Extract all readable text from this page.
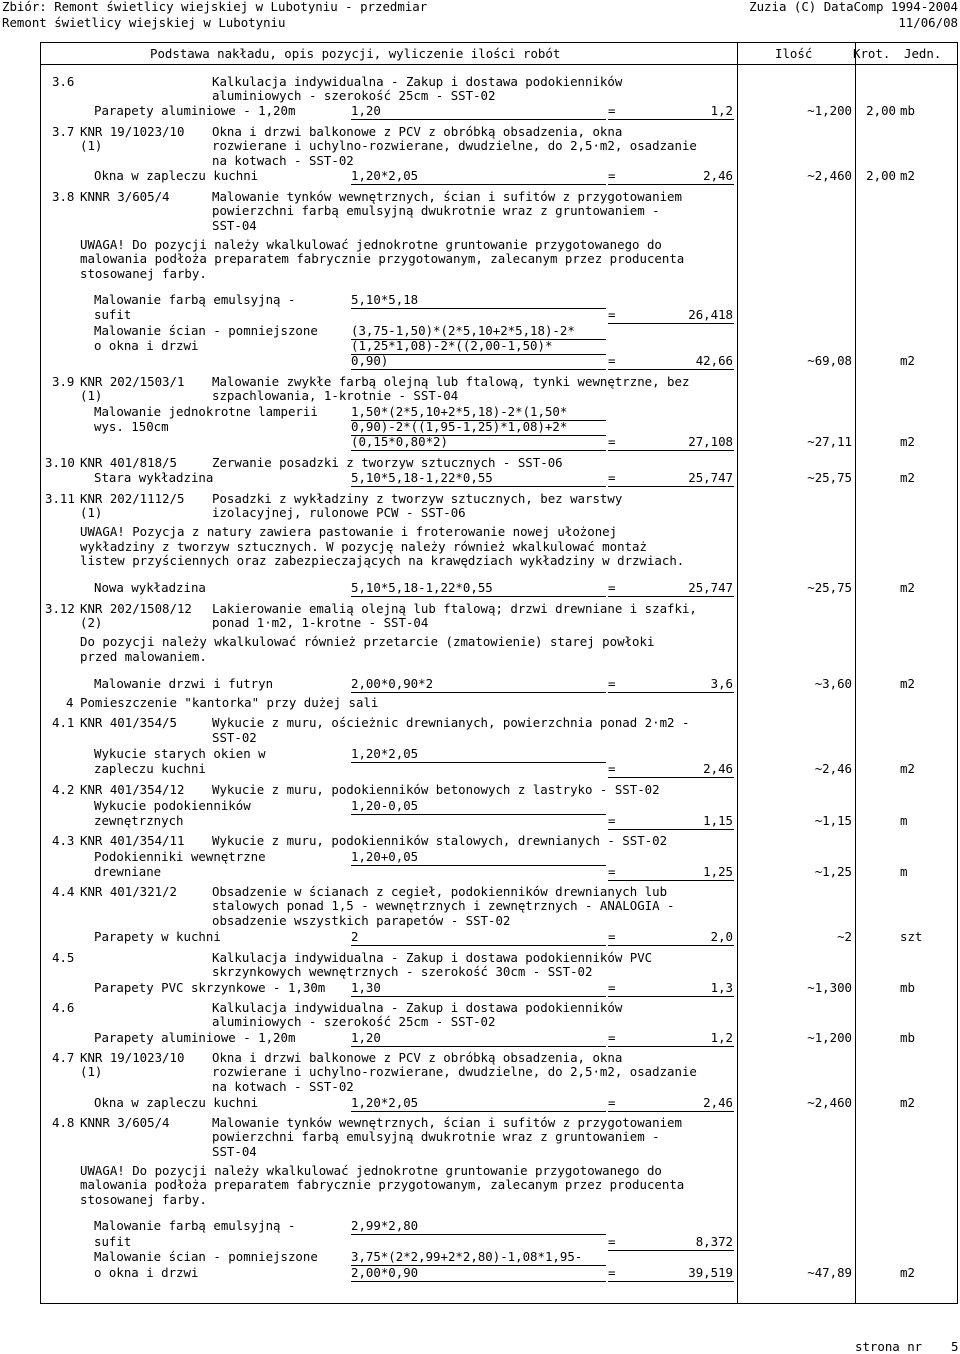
Zbiór: Remont świetlicy wiejskiej w Lubotyniu - przedmiar
Remont świetlicy wiejskiej w Lubotyniu
Zuzia (C) DataComp 1994-2004
11/06/08
Podstawa nakładu, opis pozycji, wyliczenie ilości robót	Ilość	Krot. Jedn.
3.6	Kalkulacja indywidualna - Zakup i dostawa podokienników
aluminiowych - szerokość 25cm - SST-02
Parapety aluminiowe - 1,20m	1,20	=	1,2	~1,200 2,00 mb
3.7 KNR 19/1023/10 Okna i drzwi balkonowe z PCV z obróbką obsadzenia, okna
(1)	rozwierane i uchylno-rozwierane, dwudzielne, do 2,5·m2, osadzanie
na kotwach - SST-02
Okna w zapleczu kuchni	1,20*2,05	=	2,46	~2,460 2,00 m2
3.8 KNNR 3/605/4	Malowanie tynków wewnętrznych, ścian i sufitów z przygotowaniem
powierzchni farbą emulsyjną dwukrotnie wraz z gruntowaniem -
SST-04
UWAGA! Do pozycji należy wkalkulować jednokrotne gruntowanie przygotowanego do
malowania podłoża preparatem fabrycznie przygotowanym, zalecanym przez producenta
stosowanej farby.
Malowanie farbą emulsyjną -	5,10*5,18
sufit	=	26,418
Malowanie ścian - pomniejszone	(3,75-1,50)*(2*5,10+2*5,18)-2*
o okna i drzwi	(1,25*1,08)-2*((2,00-1,50)*
0,90)	=	42,66	~69,08	m2
3.9 KNR 202/1503/1 Malowanie zwykłe farbą olejną lub ftalową, tynki wewnętrzne, bez
(1)	szpachlowania, 1-krotnie - SST-04
Malowanie jednokrotne lamperii	1,50*(2*5,10+2*5,18)-2*(1,50*
wys. 150cm	0,90)-2*((1,95-1,25)*1,08)+2*
(0,15*0,80*2)	=	27,108	~27,11	m2
3.10 KNR 401/818/5	Zerwanie posadzki z tworzyw sztucznych - SST-06
Stara wykładzina	5,10*5,18-1,22*0,55	=	25,747	~25,75	m2
3.11 KNR 202/1112/5 Posadzki z wykładziny z tworzyw sztucznych, bez warstwy
(1)	izolacyjnej, rulonowe PCW - SST-06
UWAGA! Pozycja z natury zawiera pastowanie i froterowanie nowej ułożonej
wykładziny z tworzyw sztucznych. W pozycję należy również wkalkulować montaż
listew przyściennych oraz zabezpieczających na krawędziach wykładziny w drzwiach.
Nowa wykładzina	5,10*5,18-1,22*0,55	=	25,747	~25,75	m2
3.12 KNR 202/1508/12 Lakierowanie emalią olejną lub ftalową; drzwi drewniane i szafki,
(2)	ponad 1·m2, 1-krotne - SST-04
Do pozycji należy wkalkulować również przetarcie (zmatowienie) starej powłoki
przed malowaniem.
Malowanie drzwi i futryn	2,00*0,90*2	=	3,6	~3,60	m2
4 Pomieszczenie "kantorka" przy dużej sali
4.1 KNR 401/354/5	Wykucie z muru, ościeżnic drewnianych, powierzchnia ponad 2·m2 -
SST-02
Wykucie starych okien w	1,20*2,05
zapleczu kuchni	=	2,46	~2,46	m2
4.2 KNR 401/354/12 Wykucie z muru, podokienników betonowych z lastryko - SST-02
Wykucie podokienników	1,20-0,05
zewnętrznych	=	1,15	~1,15	m
4.3 KNR 401/354/11 Wykucie z muru, podokienników stalowych, drewnianych - SST-02
Podokienniki wewnętrzne	1,20+0,05
drewniane	=	1,25	~1,25	m
4.4 KNR 401/321/2	Obsadzenie w ścianach z cegieł, podokienników drewnianych lub
stalowych ponad 1,5 - wewnętrznych i zewnętrznych - ANALOGIA -
obsadzenie wszystkich parapetów - SST-02
Parapety w kuchni	2	=	2,0	~2	szt
4.5	Kalkulacja indywidualna - Zakup i dostawa podokienników PVC
skrzynkowych wewnętrznych - szerokość 30cm - SST-02
Parapety PVC skrzynkowe - 1,30m 1,30	=	1,3	~1,300	mb
4.6	Kalkulacja indywidualna - Zakup i dostawa podokienników
aluminiowych - szerokość 25cm - SST-02
Parapety aluminiowe - 1,20m	1,20	=	1,2	~1,200	mb
4.7 KNR 19/1023/10 Okna i drzwi balkonowe z PCV z obróbką obsadzenia, okna
(1)	rozwierane i uchylno-rozwierane, dwudzielne, do 2,5·m2, osadzanie
na kotwach - SST-02
Okna w zapleczu kuchni	1,20*2,05	=	2,46	~2,460	m2
4.8 KNNR 3/605/4	Malowanie tynków wewnętrznych, ścian i sufitów z przygotowaniem
powierzchni farbą emulsyjną dwukrotnie wraz z gruntowaniem -
SST-04
UWAGA! Do pozycji należy wkalkulować jednokrotne gruntowanie przygotowanego do
malowania podłoża preparatem fabrycznie przygotowanym, zalecanym przez producenta
stosowanej farby.
Malowanie farbą emulsyjną -	2,99*2,80
sufit	=	8,372
Malowanie ścian - pomniejszone	3,75*(2*2,99+2*2,80)-1,08*1,95-
o okna i drzwi	2,00*0,90	=	39,519	~47,89	m2
strona nr 5
